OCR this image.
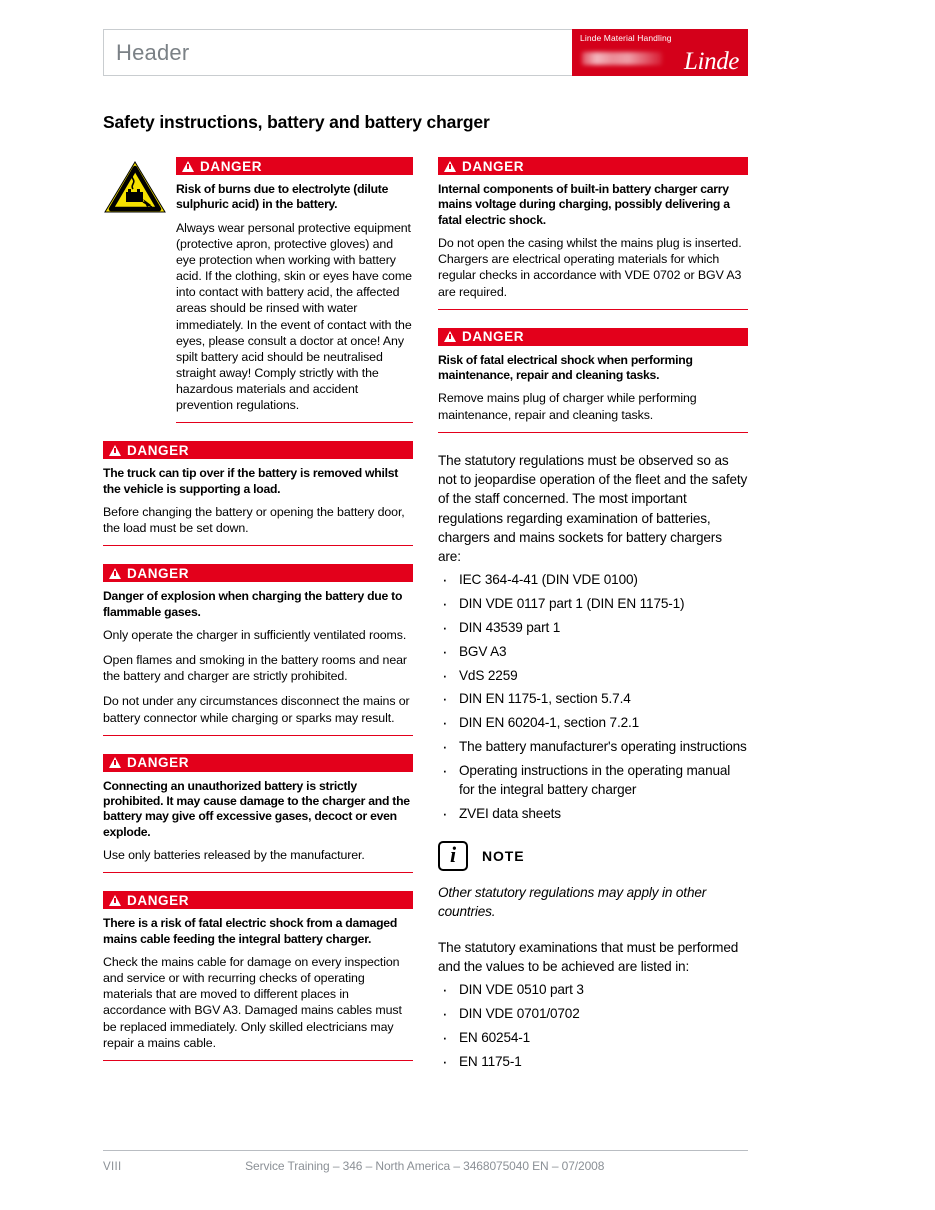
Header
Linde Material Handling
Linde
Safety instructions, battery and battery charger
DANGER

Risk of burns due to electrolyte (dilute sulphuric acid) in the battery.

Always wear personal protective equipment (protective apron, protective gloves) and eye protection when working with battery acid. If the clothing, skin or eyes have come into contact with battery acid, the affected areas should be rinsed with water immediately. In the event of contact with the eyes, please consult a doctor at once! Any spilt battery acid should be neutralised straight away! Comply strictly with the hazardous materials and accident prevention regulations.

DANGER

The truck can tip over if the battery is removed whilst the vehicle is supporting a load.

Before changing the battery or opening the battery door, the load must be set down.

DANGER

Danger of explosion when charging the battery due to flammable gases.

Only operate the charger in sufficiently ventilated rooms.

Open flames and smoking in the battery rooms and near the battery and charger are strictly prohibited.

Do not under any circumstances disconnect the mains or battery connector while charging or sparks may result.

DANGER

Connecting an unauthorized battery is strictly prohibited. It may cause damage to the charger and the battery may give off excessive gases, decoct or even explode.

Use only batteries released by the manufacturer.

DANGER

There is a risk of fatal electric shock from a damaged mains cable feeding the integral battery charger.

Check the mains cable for damage on every inspection and service or with recurring checks of operating materials that are moved to different places in accordance with BGV A3. Damaged mains cables must be replaced immediately. Only skilled electricians may repair a mains cable.

DANGER

Internal components of built-in battery charger carry mains voltage during charging, possibly delivering a fatal electric shock.

Do not open the casing whilst the mains plug is inserted. Chargers are electrical operating materials for which regular checks in accordance with VDE 0702 or BGV A3 are required.

DANGER

Risk of fatal electrical shock when performing maintenance, repair and cleaning tasks.

Remove mains plug of charger while performing maintenance, repair and cleaning tasks.

The statutory regulations must be observed so as not to jeopardise operation of the fleet and the safety of the staff concerned. The most important regulations regarding examination of batteries, chargers and mains sockets for battery chargers are:

· IEC 364-4-41 (DIN VDE 0100)
· DIN VDE 0117 part 1 (DIN EN 1175-1)
· DIN 43539 part 1
· BGV A3
· VdS 2259
· DIN EN 1175-1, section 5.7.4
· DIN EN 60204-1, section 7.2.1
· The battery manufacturer's operating instructions
· Operating instructions in the operating manual for the integral battery charger
· ZVEI data sheets
i NOTE

Other statutory regulations may apply in other countries.

The statutory examinations that must be performed and the values to be achieved are listed in:

· DIN VDE 0510 part 3
· DIN VDE 0701/0702
· EN 60254-1
· EN 1175-1
VIII	Service Training – 346 – North America – 3468075040 EN – 07/2008
